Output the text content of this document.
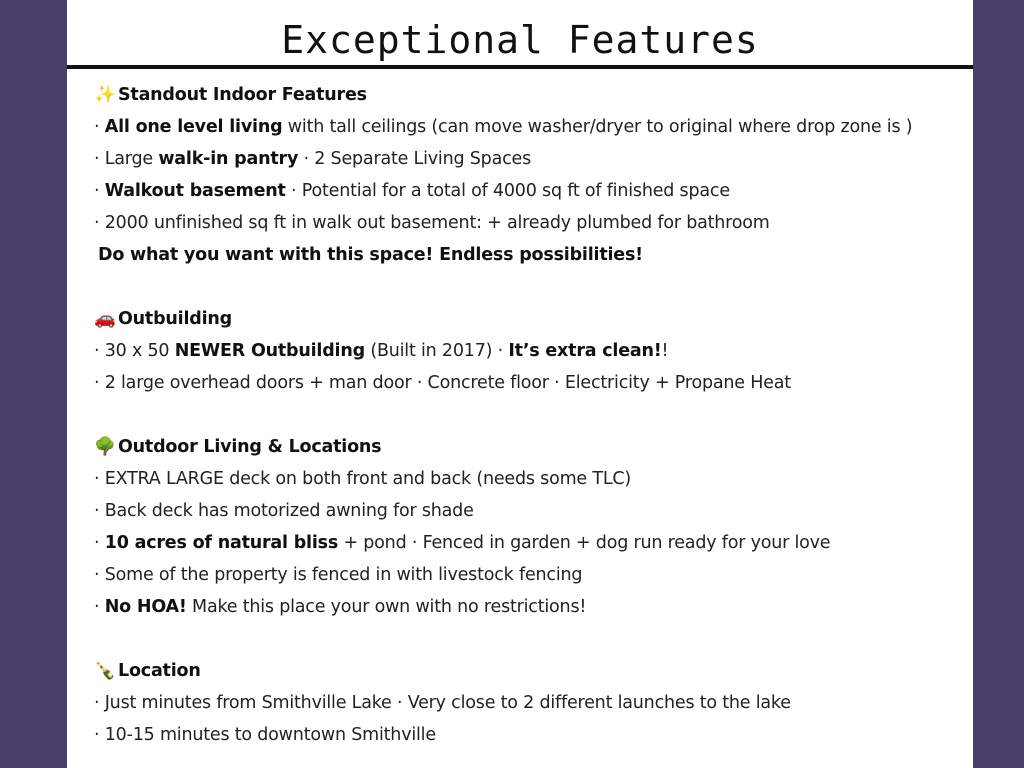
Exceptional Features
✨ Standout Indoor Features
· All one level living with tall ceilings (can move washer/dryer to original where drop zone is )
· Large walk-in pantry · 2 Separate Living Spaces
· Walkout basement · Potential for a total of 4000 sq ft of finished space
· 2000 unfinished sq ft in walk out basement: + already plumbed for bathroom
Do what you want with this space! Endless possibilities!
🚗 Outbuilding
· 30 x 50 NEWER Outbuilding (Built in 2017) · It’s extra clean!!
· 2 large overhead doors + man door · Concrete floor · Electricity + Propane Heat
🌳 Outdoor Living & Locations
· EXTRA LARGE deck on both front and back (needs some TLC)
· Back deck has motorized awning for shade
· 10 acres of natural bliss + pond · Fenced in garden + dog run ready for your love
· Some of the property is fenced in with livestock fencing
· No HOA! Make this place your own with no restrictions!
🍾 Location
· Just minutes from Smithville Lake · Very close to 2 different launches to the lake
· 10-15 minutes to downtown Smithville
